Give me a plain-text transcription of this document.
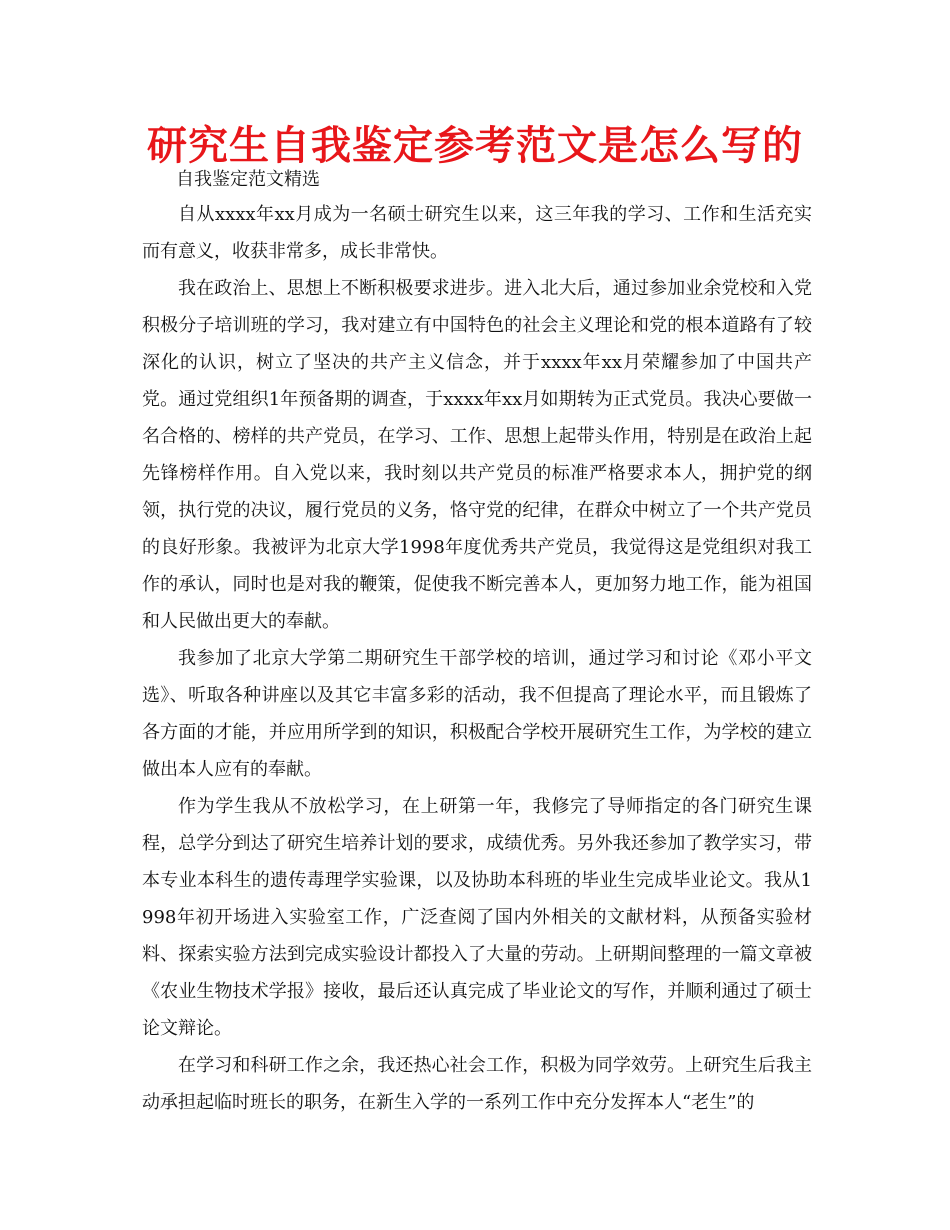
研究生自我鉴定参考范文是怎么写的
自我鉴定范文精选

自从xxxx年xx月成为一名硕士研究生以来，这三年我的学习、工作和生活充实而有意义，收获非常多，成长非常快。

我在政治上、思想上不断积极要求进步。进入北大后，通过参加业余党校和入党积极分子培训班的学习，我对建立有中国特色的社会主义理论和党的根本道路有了较深化的认识，树立了坚决的共产主义信念，并于xxxx年xx月荣耀参加了中国共产党。通过党组织1年预备期的调查，于xxxx年xx月如期转为正式党员。我决心要做一名合格的、榜样的共产党员，在学习、工作、思想上起带头作用，特别是在政治上起先锋榜样作用。自入党以来，我时刻以共产党员的标准严格要求本人，拥护党的纲领，执行党的决议，履行党员的义务，恪守党的纪律，在群众中树立了一个共产党员的良好形象。我被评为北京大学1998年度优秀共产党员，我觉得这是党组织对我工作的承认，同时也是对我的鞭策，促使我不断完善本人，更加努力地工作，能为祖国和人民做出更大的奉献。

我参加了北京大学第二期研究生干部学校的培训，通过学习和讨论《邓小平文选》、听取各种讲座以及其它丰富多彩的活动，我不但提高了理论水平，而且锻炼了各方面的才能，并应用所学到的知识，积极配合学校开展研究生工作，为学校的建立做出本人应有的奉献。

作为学生我从不放松学习，在上研第一年，我修完了导师指定的各门研究生课程，总学分到达了研究生培养计划的要求，成绩优秀。另外我还参加了教学实习，带本专业本科生的遗传毒理学实验课，以及协助本科班的毕业生完成毕业论文。我从1998年初开场进入实验室工作，广泛查阅了国内外相关的文献材料，从预备实验材料、探索实验方法到完成实验设计都投入了大量的劳动。上研期间整理的一篇文章被《农业生物技术学报》接收，最后还认真完成了毕业论文的写作，并顺利通过了硕士论文辩论。

在学习和科研工作之余，我还热心社会工作，积极为同学效劳。上研究生后我主动承担起临时班长的职务，在新生入学的一系列工作中充分发挥本人“老生”的
